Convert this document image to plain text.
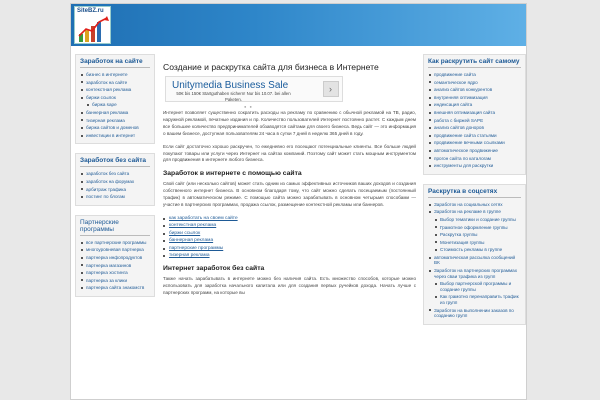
SiteBZ.ru
Заработок на сайте
бизнес в интернете
заработок на сайте
контекстная реклама
биржи ссылок
биржа sape
баннерная реклама
тизерная реклама
биржа сайтов и доменов
инвестиции в интернет
Заработок без сайта
заработок без сайта
заработок на форумах
арбитраж трафика
постинг по блогам
Партнерские программы
все партнерские программы
многоуровневая партнерка
партнерка инфопродуктов
партнерка магазинов
партнерка хостинга
партнерка за клики
партнерка сайта знакомств
Создание и раскрутка сайта для бизнеса в Интернете
Unitymedia Business Sale
50€ bis 150€ Startguthaben sichern! Nur bis 10.07. bei allen Paketen.
›
● ●

Интернет позволяет существенно сократить расходы на рекламу по сравнению с обычной рекламой на ТВ, радио, наружной рекламой, печатные издания и пр. Количество пользователей Интернет постоянно растет. С каждым днем все большее количество предпринимателей обзаводятся сайтами для своего бизнеса. Ведь сайт — это информация о вашем бизнесе, доступная пользователям 24 часа в сутки 7 дней в неделю 365 дней в году.

Если сайт достаточно хорошо раскручен, то ежедневно его посещают потенциальные клиенты. Все больше людей покупают товары или услуги через Интернет на сайтах компаний. Поэтому сайт может стать мощным инструментом для продвижения в интернете любого бизнеса.

Заработок в интернете с помощью сайта

Свой сайт (или несколько сайтов) может стать одним из самых эффективных источников ваших доходов и создания собственного интернет бизнеса. В основном благодаря тому, что сайт можно сделать посещаемым (постоянный трафик) в автоматическом режиме. С помощью сайта можно зарабатывать в основном четырьмя способами — участие в партнерских программах, продажа ссылок, размещение контекстной рекламы или баннеров.

как заработать на своем сайте
контекстная реклама
биржи ссылок
баннерная реклама
партнерские программы
тизерная реклама
Интернет заработок без сайта

Также начать зарабатывать в интернете можно без наличия сайта. Есть множество способов, которые можно использовать для заработка начального капитала или для создания первых ручейков дохода. Начать лучше с партнерских программ, на которые вы

Как раскрутить сайт самому
продвижение сайта
семантическое ядро
анализ сайтов конкурентов
внутренняя оптимизация
индексация сайта
внешняя оптимизация сайта
работа с биржей SAPE
анализ сайтов доноров
продвижение сайта статьями
продвижение вечными ссылками
автоматическое продвижение
прогон сайта по каталогам
инструменты для раскрутки
Раскрутка в соцсетях
Заработок на социальных сетях
Заработок на рекламе в группе
Выбор тематики и создание группы
Грамотное оформление группы
Раскрутка группы
Монетизация группы
Стоимость рекламы в группе
автоматическая рассылка сообщений ВК
Заработок на партнерских программах через сваи трафика из групп
Выбор партнерской программы и создание группы
Как грамотно перенаправить трафик из групп
Заработок на выполнении заказов по созданию групп
